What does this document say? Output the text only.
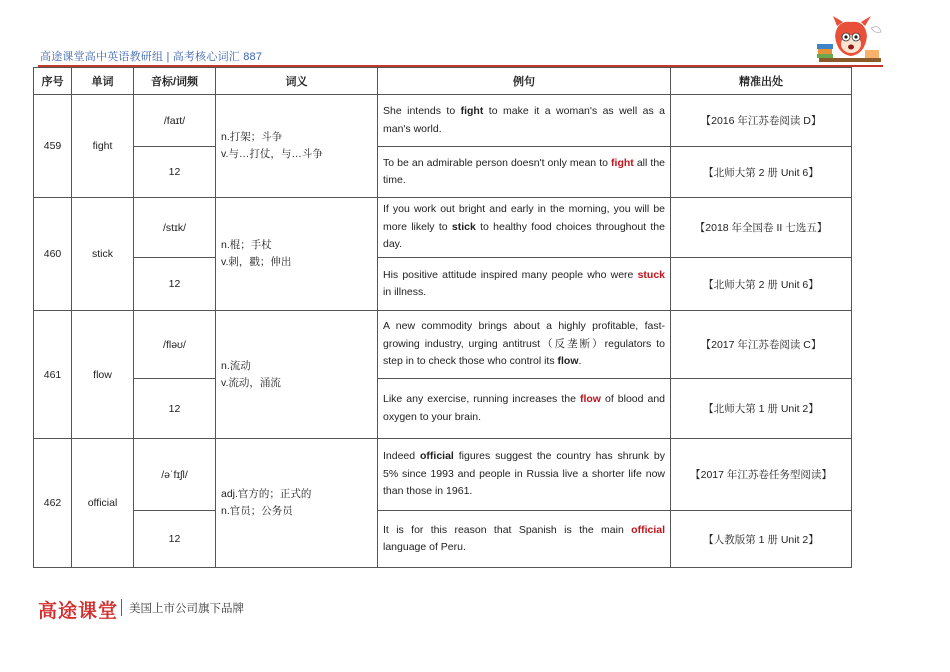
高途课堂高中英语教研组 | 高考核心词汇 887
序号	单词	音标/词频	词义	例句	精准出处
459	fight	/faɪt/	n.打架；斗争
v.与…打仗，与…斗争	She intends to fight to make it a woman's as well as a man's world.	【2016 年江苏卷阅读 D】
		12		To be an admirable person doesn't only mean to fight all the time.	【北师大第 2 册 Unit 6】
460	stick	/stɪk/	n.棍；手杖
v.刺，戳；伸出	If you work out bright and early in the morning, you will be more likely to stick to healthy food choices throughout the day.	【2018 年全国卷 II 七选五】
		12		His positive attitude inspired many people who were stuck in illness.	【北师大第 2 册 Unit 6】
461	flow	/fləʊ/	n.流动
v.流动，涌流	A new commodity brings about a highly profitable, fast-growing industry, urging antitrust（反垄断）regulators to step in to check those who control its flow.	【2017 年江苏卷阅读 C】
		12		Like any exercise, running increases the flow of blood and oxygen to your brain.	【北师大第 1 册 Unit 2】
462	official	/əˈfɪʃl/	adj.官方的；正式的
n.官员；公务员	Indeed official figures suggest the country has shrunk by 5% since 1993 and people in Russia live a shorter life now than those in 1961.	【2017 年江苏卷任务型阅读】
		12		It is for this reason that Spanish is the main official language of Peru.	【人教版第 1 册 Unit 2】
高途课堂 美国上市公司旗下品牌
